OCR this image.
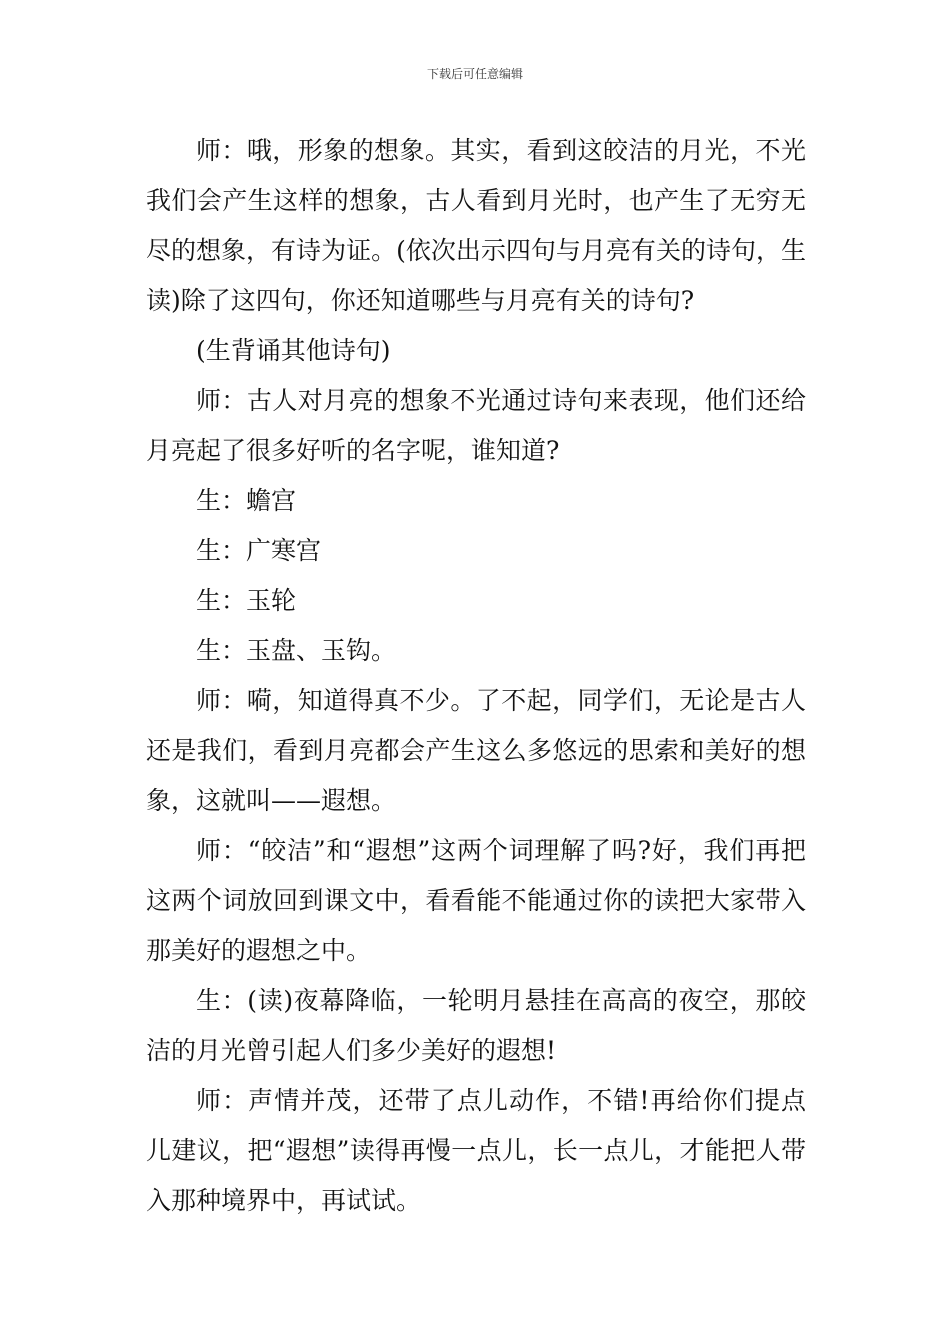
下载后可任意编辑

师：哦，形象的想象。其实，看到这皎洁的月光，不光我们会产生这样的想象，古人看到月光时，也产生了无穷无尽的想象，有诗为证。(依次出示四句与月亮有关的诗句，生读)除了这四句，你还知道哪些与月亮有关的诗句?

(生背诵其他诗句)

师：古人对月亮的想象不光通过诗句来表现，他们还给月亮起了很多好听的名字呢，谁知道?

生：蟾宫

生：广寒宫

生：玉轮

生：玉盘、玉钩。

师：嗬，知道得真不少。了不起，同学们，无论是古人还是我们，看到月亮都会产生这么多悠远的思索和美好的想象，这就叫——遐想。

师：“皎洁”和“遐想”这两个词理解了吗?好，我们再把这两个词放回到课文中，看看能不能通过你的读把大家带入那美好的遐想之中。

生：(读)夜幕降临，一轮明月悬挂在高高的夜空，那皎洁的月光曾引起人们多少美好的遐想!

师：声情并茂，还带了点儿动作，不错!再给你们提点儿建议，把“遐想”读得再慢一点儿，长一点儿，才能把人带入那种境界中，再试试。
